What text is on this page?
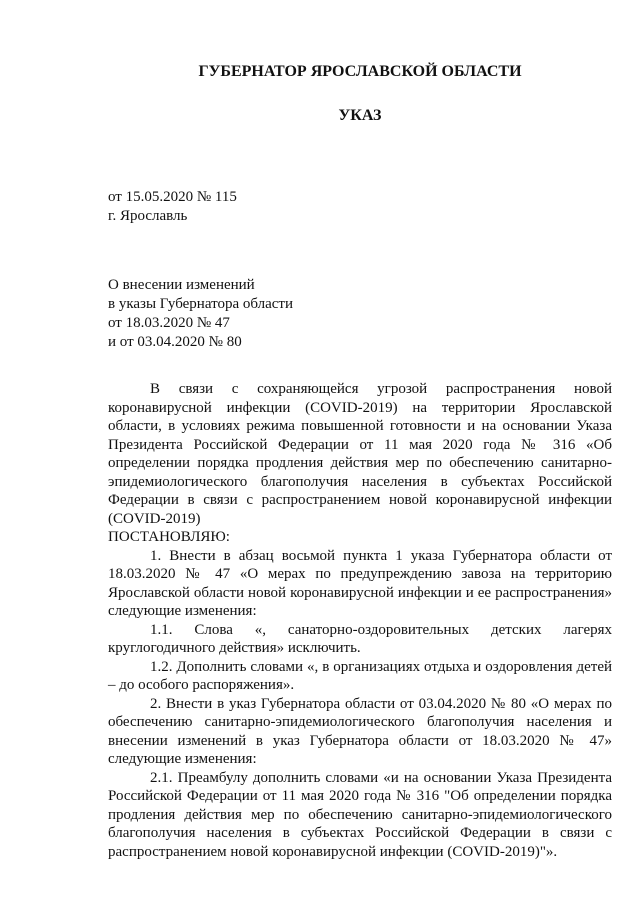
ГУБЕРНАТОР ЯРОСЛАВСКОЙ ОБЛАСТИ
УКАЗ
от 15.05.2020 № 115
г. Ярославль
О внесении изменений
в указы Губернатора области
от 18.03.2020 № 47
и от 03.04.2020 № 80

В связи с сохраняющейся угрозой распространения новой коронавирусной инфекции (COVID-2019) на территории Ярославской области, в условиях режима повышенной готовности и на основании Указа Президента Российской Федерации от 11 мая 2020 года № 316 «Об определении порядка продления действия мер по обеспечению санитарно-эпидемиологического благополучия населения в субъектах Российской Федерации в связи с распространением новой коронавирусной инфекции (COVID-2019)

ПОСТАНОВЛЯЮ:

1. Внести в абзац восьмой пункта 1 указа Губернатора области от 18.03.2020 № 47 «О мерах по предупреждению завоза на территорию Ярославской области новой коронавирусной инфекции и ее распространения» следующие изменения:

1.1. Слова «, санаторно-оздоровительных детских лагерях круглогодичного действия» исключить.

1.2. Дополнить словами «, в организациях отдыха и оздоровления детей – до особого распоряжения».

2. Внести в указ Губернатора области от 03.04.2020 № 80 «О мерах по обеспечению санитарно-эпидемиологического благополучия населения и внесении изменений в указ Губернатора области от 18.03.2020 № 47» следующие изменения:

2.1. Преамбулу дополнить словами «и на основании Указа Президента Российской Федерации от 11 мая 2020 года № 316 "Об определении порядка продления действия мер по обеспечению санитарно-эпидемиологического благополучия населения в субъектах Российской Федерации в связи с распространением новой коронавирусной инфекции (COVID-2019)"».
